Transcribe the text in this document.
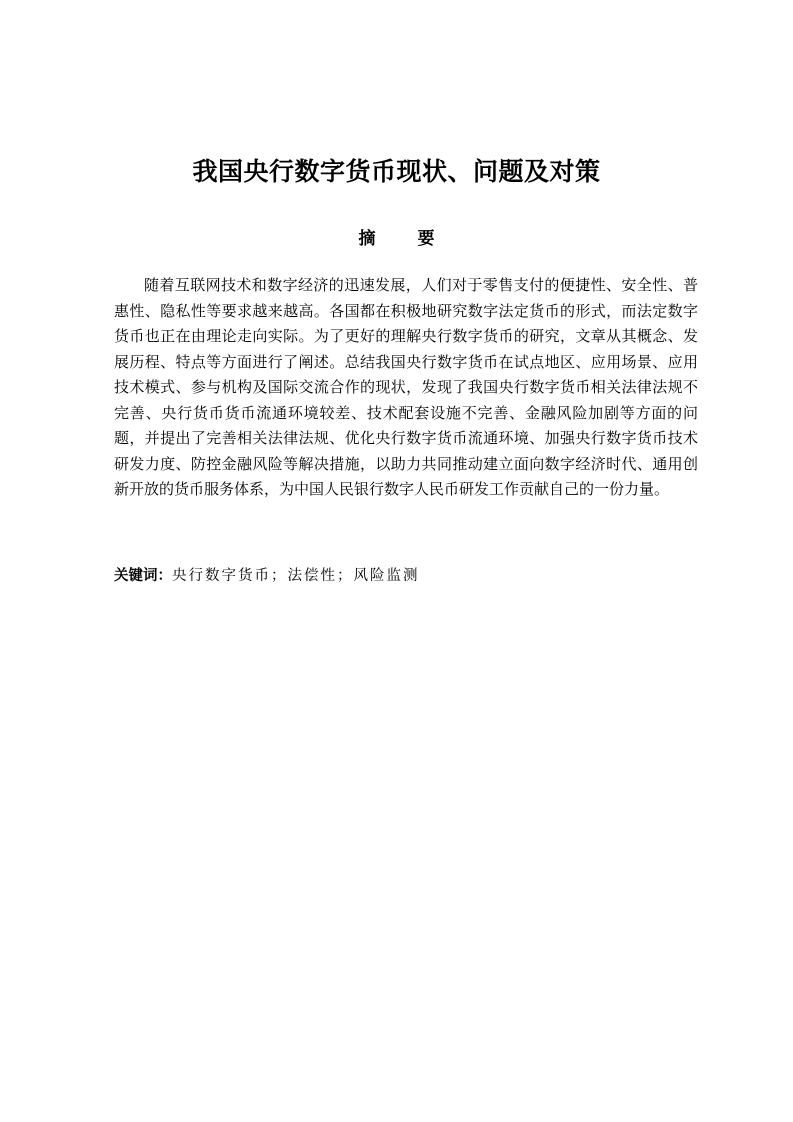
我国央行数字货币现状、问题及对策
摘 要

随着互联网技术和数字经济的迅速发展，人们对于零售支付的便捷性、安全性、普惠性、隐私性等要求越来越高。各国都在积极地研究数字法定货币的形式，而法定数字货币也正在由理论走向实际。为了更好的理解央行数字货币的研究，文章从其概念、发展历程、特点等方面进行了阐述。总结我国央行数字货币在试点地区、应用场景、应用技术模式、参与机构及国际交流合作的现状，发现了我国央行数字货币相关法律法规不完善、央行货币货币流通环境较差、技术配套设施不完善、金融风险加剧等方面的问题，并提出了完善相关法律法规、优化央行数字货币流通环境、加强央行数字货币技术研发力度、防控金融风险等解决措施，以助力共同推动建立面向数字经济时代、通用创新开放的货币服务体系，为中国人民银行数字人民币研发工作贡献自己的一份力量。

关键词：央行数字货币；法偿性；风险监测
